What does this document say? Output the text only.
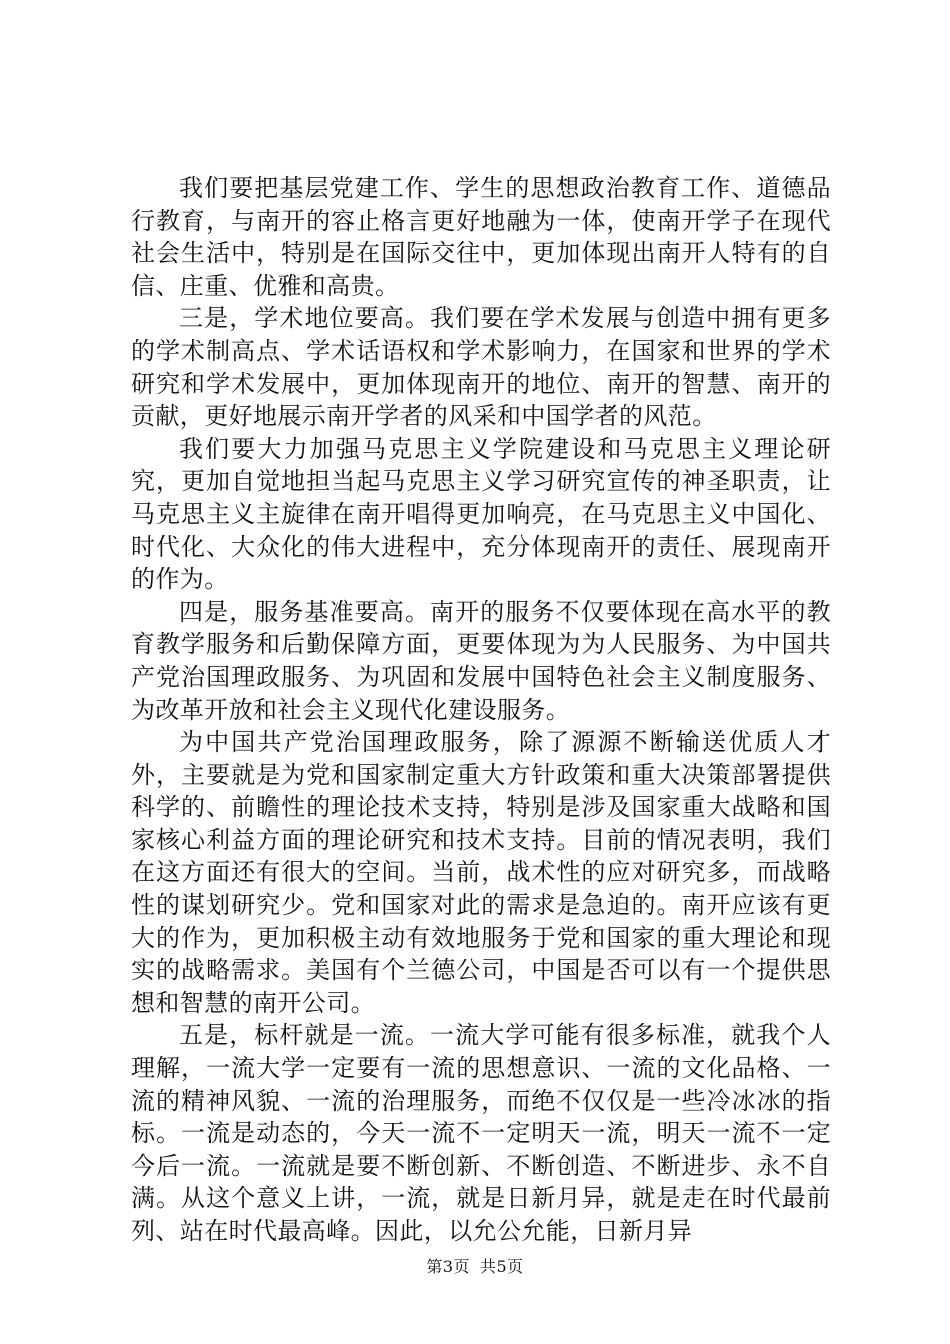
我们要把基层党建工作、学生的思想政治教育工作、道德品行教育，与南开的容止格言更好地融为一体，使南开学子在现代社会生活中，特别是在国际交往中，更加体现出南开人特有的自信、庄重、优雅和高贵。

三是，学术地位要高。我们要在学术发展与创造中拥有更多的学术制高点、学术话语权和学术影响力，在国家和世界的学术研究和学术发展中，更加体现南开的地位、南开的智慧、南开的贡献，更好地展示南开学者的风采和中国学者的风范。

我们要大力加强马克思主义学院建设和马克思主义理论研究，更加自觉地担当起马克思主义学习研究宣传的神圣职责，让马克思主义主旋律在南开唱得更加响亮，在马克思主义中国化、时代化、大众化的伟大进程中，充分体现南开的责任、展现南开的作为。

四是，服务基准要高。南开的服务不仅要体现在高水平的教育教学服务和后勤保障方面，更要体现为为人民服务、为中国共产党治国理政服务、为巩固和发展中国特色社会主义制度服务、为改革开放和社会主义现代化建设服务。

为中国共产党治国理政服务，除了源源不断输送优质人才外，主要就是为党和国家制定重大方针政策和重大决策部署提供科学的、前瞻性的理论技术支持，特别是涉及国家重大战略和国家核心利益方面的理论研究和技术支持。目前的情况表明，我们在这方面还有很大的空间。当前，战术性的应对研究多，而战略性的谋划研究少。党和国家对此的需求是急迫的。南开应该有更大的作为，更加积极主动有效地服务于党和国家的重大理论和现实的战略需求。美国有个兰德公司，中国是否可以有一个提供思想和智慧的南开公司。

五是，标杆就是一流。一流大学可能有很多标准，就我个人理解，一流大学一定要有一流的思想意识、一流的文化品格、一流的精神风貌、一流的治理服务，而绝不仅仅是一些冷冰冰的指标。一流是动态的，今天一流不一定明天一流，明天一流不一定今后一流。一流就是要不断创新、不断创造、不断进步、永不自满。从这个意义上讲，一流，就是日新月异，就是走在时代最前列、站在时代最高峰。因此，以允公允能，日新月异

第3页 共5页
